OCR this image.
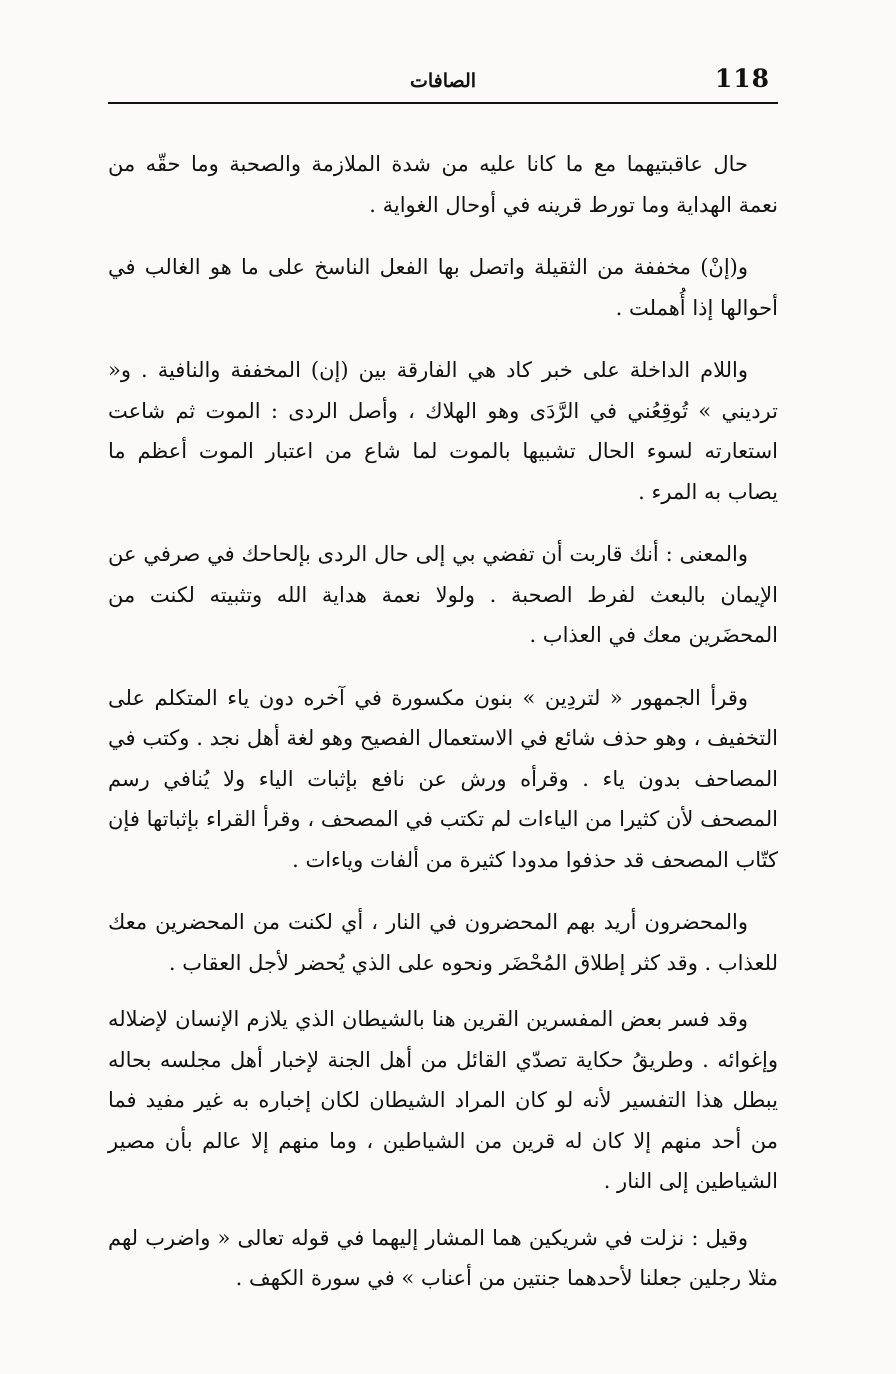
118
الصافات

حال عاقبتيهما مع ما كانا عليه من شدة الملازمة والصحبة وما حقّه من نعمة الهداية وما تورط قرينه في أوحال الغواية .

و(إنْ) مخففة من الثقيلة واتصل بها الفعل الناسخ على ما هو الغالب في أحوالها إذا أُهملت .

واللام الداخلة على خبر كاد هي الفارقة بين (إن) المخففة والنافية . و« ترديني » تُوقِعُني في الرَّدَى وهو الهلاك ، وأصل الردى : الموت ثم شاعت استعارته لسوء الحال تشبيها بالموت لما شاع من اعتبار الموت أعظم ما يصاب به المرء .

والمعنى : أنك قاربت أن تفضي بي إلى حال الردى بإلحاحك في صرفي عن الإيمان بالبعث لفرط الصحبة . ولولا نعمة هداية الله وتثبيته لكنت من المحضَرين معك في العذاب .

وقرأ الجمهور « لتردِين » بنون مكسورة في آخره دون ياء المتكلم على التخفيف ، وهو حذف شائع في الاستعمال الفصيح وهو لغة أهل نجد . وكتب في المصاحف بدون ياء . وقرأه ورش عن نافع بإثبات الياء ولا يُنافي رسم المصحف لأن كثيرا من الياءات لم تكتب في المصحف ، وقرأ القراء بإثباتها فإن كتّاب المصحف قد حذفوا مدودا كثيرة من ألفات وياءات .

والمحضرون أريد بهم المحضرون في النار ، أي لكنت من المحضرين معك للعذاب . وقد كثر إطلاق المُحْضَر ونحوه على الذي يُحضر لأجل العقاب .

وقد فسر بعض المفسرين القرين هنا بالشيطان الذي يلازم الإنسان لإضلاله وإغوائه . وطريقُ حكاية تصدّي القائل من أهل الجنة لإخبار أهل مجلسه بحاله يبطل هذا التفسير لأنه لو كان المراد الشيطان لكان إخباره به غير مفيد فما من أحد منهم إلا كان له قرين من الشياطين ، وما منهم إلا عالم بأن مصير الشياطين إلى النار .

وقيل : نزلت في شريكين هما المشار إليهما في قوله تعالى « واضرب لهم مثلا رجلين جعلنا لأحدهما جنتين من أعناب » في سورة الكهف .
